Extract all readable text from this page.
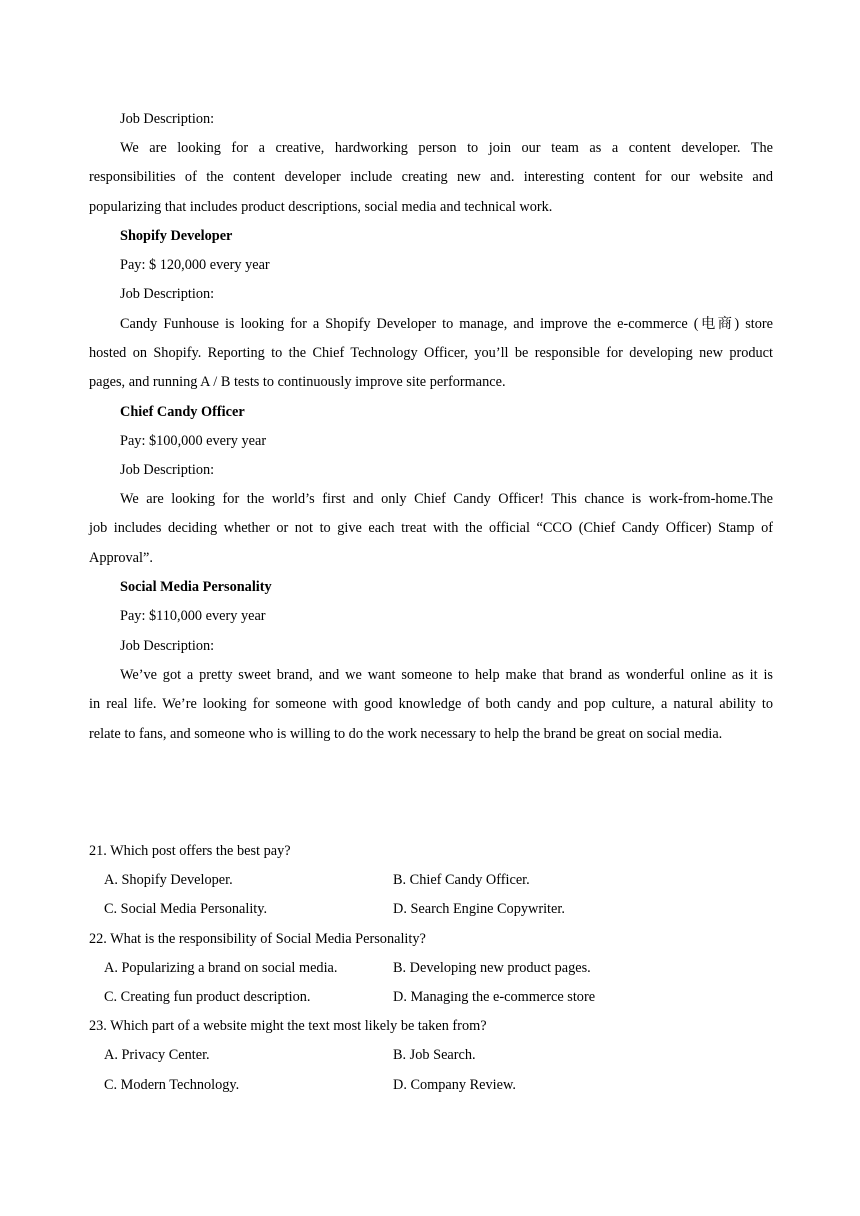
Job Description:
We are looking for a creative, hardworking person to join our team as a content developer. The
responsibilities of the content developer include creating new and. interesting content for our website and
popularizing that includes product descriptions, social media and technical work.
Shopify Developer
Pay: $ 120,000 every year
Job Description:
Candy Funhouse is looking for a Shopify Developer to manage, and improve the e-commerce (电商) store
hosted on Shopify. Reporting to the Chief Technology Officer, you’ll be responsible for developing new product
pages, and running A / B tests to continuously improve site performance.
Chief Candy Officer
Pay: $100,000 every year
Job Description:
We are looking for the world’s first and only Chief Candy Officer! This chance is work-from-home.The
job includes deciding whether or not to give each treat with the official “CCO (Chief Candy Officer) Stamp of
Approval”.
Social Media Personality
Pay: $110,000 every year
Job Description:
We’ve got a pretty sweet brand, and we want someone to help make that brand as wonderful online as it is
in real life. We’re looking for someone with good knowledge of both candy and pop culture, a natural ability to
relate to fans, and someone who is willing to do the work necessary to help the brand be great on social media.
21. Which post offers the best pay?
A. Shopify Developer.	B. Chief Candy Officer.
C. Social Media Personality.	D. Search Engine Copywriter.
22. What is the responsibility of Social Media Personality?
A. Popularizing a brand on social media.	B. Developing new product pages.
C. Creating fun product description.	D. Managing the e-commerce store
23. Which part of a website might the text most likely be taken from?
A. Privacy Center.	B. Job Search.
C. Modern Technology.	D. Company Review.
